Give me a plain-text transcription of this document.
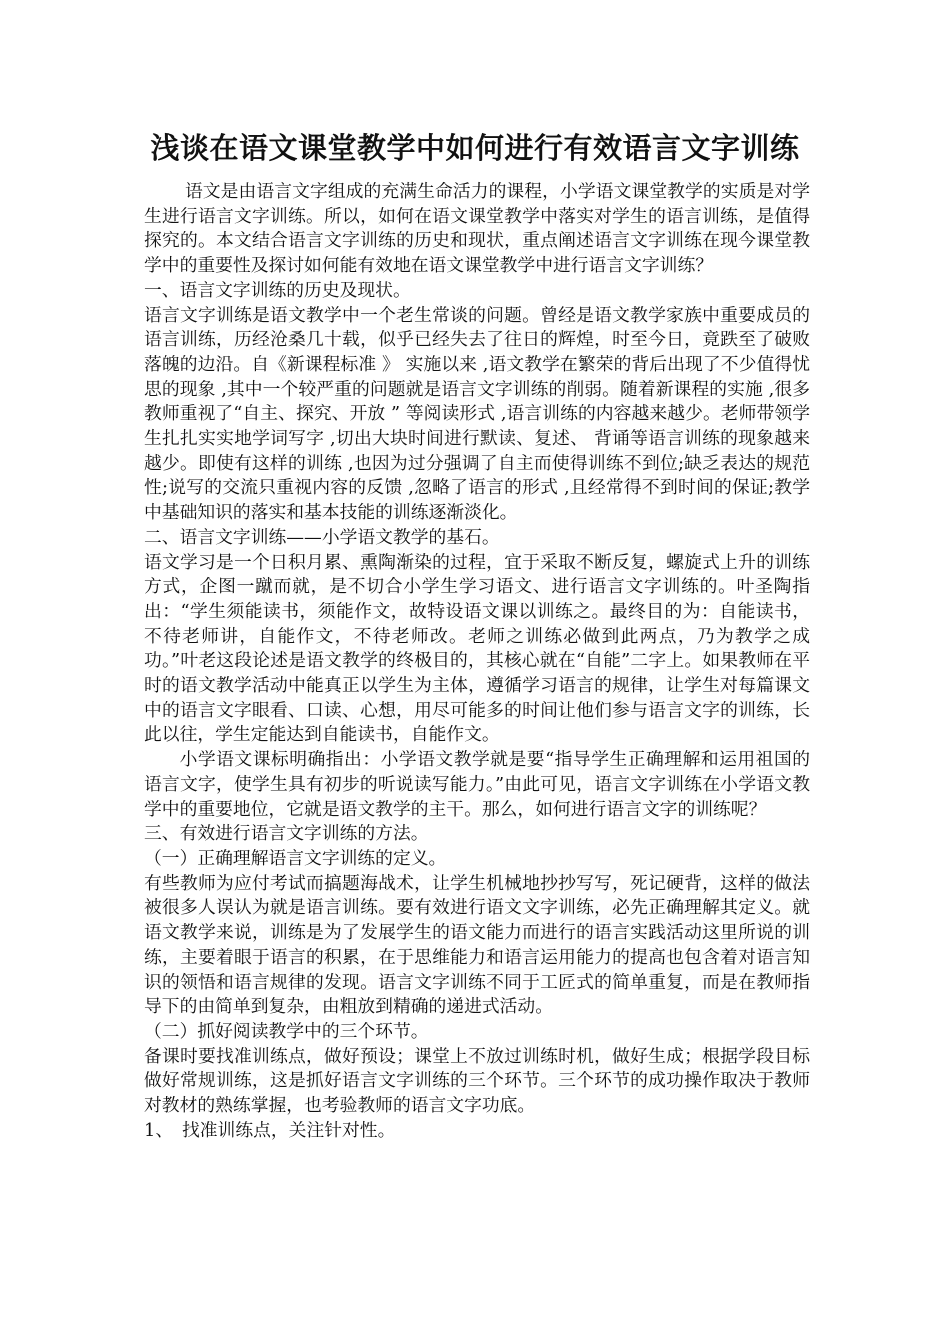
浅谈在语文课堂教学中如何进行有效语言文字训练

语文是由语言文字组成的充满生命活力的课程，小学语文课堂教学的实质是对学生进行语言文字训练。所以，如何在语文课堂教学中落实对学生的语言训练，是值得探究的。本文结合语言文字训练的历史和现状，重点阐述语言文字训练在现今课堂教学中的重要性及探讨如何能有效地在语文课堂教学中进行语言文字训练？

一、语言文字训练的历史及现状。

语言文字训练是语文教学中一个老生常谈的问题。曾经是语文教学家族中重要成员的语言训练，历经沧桑几十载，似乎已经失去了往日的辉煌，时至今日，竟跌至了破败落魄的边沿。自《新课程标准 》 实施以来 ,语文教学在繁荣的背后出现了不少值得忧思的现象 ,其中一个较严重的问题就是语言文字训练的削弱。随着新课程的实施 ,很多教师重视了“自主、探究、开放 ” 等阅读形式 ,语言训练的内容越来越少。老师带领学生扎扎实实地学词写字 ,切出大块时间进行默读、复述、 背诵等语言训练的现象越来越少。即使有这样的训练 ,也因为过分强调了自主而使得训练不到位;缺乏表达的规范性;说写的交流只重视内容的反馈 ,忽略了语言的形式 ,且经常得不到时间的保证;教学中基础知识的落实和基本技能的训练逐渐淡化。

二、语言文字训练——小学语文教学的基石。

语文学习是一个日积月累、熏陶渐染的过程，宜于采取不断反复，螺旋式上升的训练方式，企图一蹴而就，是不切合小学生学习语文、进行语言文字训练的。叶圣陶指出：“学生须能读书，须能作文，故特设语文课以训练之。最终目的为：自能读书，不待老师讲，自能作文，不待老师改。老师之训练必做到此两点，乃为教学之成功。”叶老这段论述是语文教学的终极目的，其核心就在“自能”二字上。如果教师在平时的语文教学活动中能真正以学生为主体，遵循学习语言的规律，让学生对每篇课文中的语言文字眼看、口读、心想，用尽可能多的时间让他们参与语言文字的训练，长此以往，学生定能达到自能读书，自能作文。

小学语文课标明确指出：小学语文教学就是要“指导学生正确理解和运用祖国的语言文字，使学生具有初步的听说读写能力。”由此可见，语言文字训练在小学语文教学中的重要地位，它就是语文教学的主干。那么，如何进行语言文字的训练呢？

三、有效进行语言文字训练的方法。

（一）正确理解语言文字训练的定义。

有些教师为应付考试而搞题海战术，让学生机械地抄抄写写，死记硬背，这样的做法被很多人误认为就是语言训练。要有效进行语文文字训练，必先正确理解其定义。就语文教学来说，训练是为了发展学生的语文能力而进行的语言实践活动这里所说的训练，主要着眼于语言的积累，在于思维能力和语言运用能力的提高也包含着对语言知识的领悟和语言规律的发现。语言文字训练不同于工匠式的简单重复，而是在教师指导下的由简单到复杂，由粗放到精确的递进式活动。

（二）抓好阅读教学中的三个环节。

备课时要找准训练点，做好预设；课堂上不放过训练时机，做好生成；根据学段目标做好常规训练，这是抓好语言文字训练的三个环节。三个环节的成功操作取决于教师对教材的熟练掌握，也考验教师的语言文字功底。

1、　找准训练点，关注针对性。
